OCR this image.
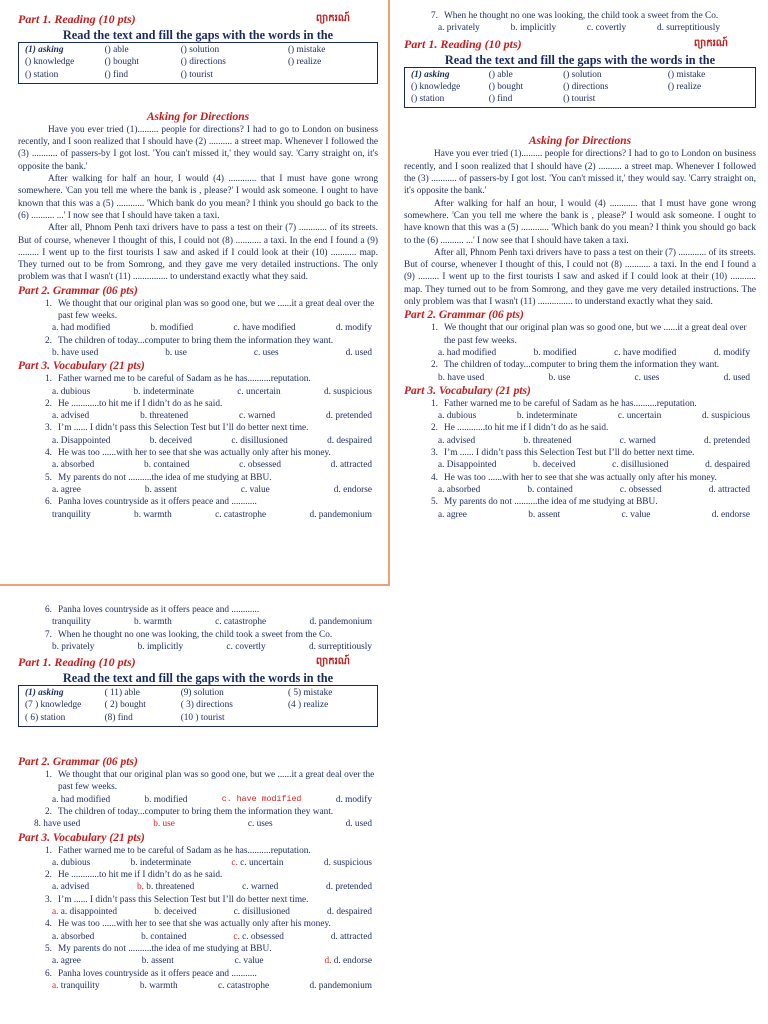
Part 1. Reading (10 pts)	ព្យាករណ៍
Read the text and fill the gaps with the words in the
(1) asking	() able	() solution	() mistake
() knowledge	() bought	() directions	() realize
() station	() find	() tourist
Asking for Directions

Have you ever tried (1)......... people for directions? I had to go to London on business recently, and I soon realized that I should have (2) .......... a street map. Whenever I followed the (3) ........... of passers-by I got lost. 'You can't missed it,' they would say. 'Carry straight on, it's opposite the bank.'

After walking for half an hour, I would (4) ............ that I must have gone wrong somewhere. 'Can you tell me where the bank is , please?' I would ask someone. I ought to have known that this was a (5) ............ 'Which bank do you mean? I think you should go back to the (6) .......... ...' I now see that I should have taken a taxi.

After all, Phnom Penh taxi drivers have to pass a test on their (7) ............ of its streets. But of course, whenever I thought of this, I could not (8) ........... a taxi. In the end I found a (9) ......... I went up to the first tourists I saw and asked if I could look at their (10) ........... map. They turned out to be from Somrong, and they gave me very detailed instructions. The only problem was that I wasn't (11) ............... to understand exactly what they said.

Part 2. Grammar (06 pts)
1. We thought that our original plan was so good one, but we ......it a great deal over the past few weeks.
a. had modified	b. modified	c. have modified	d. modify
2. The children of today...computer to bring them the information they want.
b. have used	b. use	c. uses	d. used
Part 3. Vocabulary (21 pts)
1. Father warned me to be careful of Sadam as he has..........reputation.
a. dubious	b. indeterminate	c. uncertain	d. suspicious
2. He ............to hit me if I didn’t do as he said.
a. advised	b. threatened	c. warned	d. pretended
3. I’m ...... I didn’t pass this Selection Test but I’ll do better next time.
a. Disappointed	b. deceived	c. disillusioned	d. despaired
4. He was too ......with her to see that she was actually only after his money.
a. absorbed	b. contained	c. obsessed	d. attracted
5. My parents do not ..........the idea of me studying at BBU.
a. agree	b. assent	c. value	d. endorse
6. Panha loves countryside as it offers peace and ...........
tranquility	b. warmth	c. catastrophe	d. pandemonium
7. When he thought no one was looking, the child took a sweet from the Co.
a. privately	b. implicitly	c. covertly	d. surreptitiously
Part 1. Reading (10 pts)	ព្យាករណ៍
Read the text and fill the gaps with the words in the
(1) asking	() able	() solution	() mistake
() knowledge	() bought	() directions	() realize
() station	() find	() tourist
Asking for Directions

Have you ever tried (1)......... people for directions? I had to go to London on business recently, and I soon realized that I should have (2) .......... a street map. Whenever I followed the (3) ........... of passers-by I got lost. 'You can't missed it,' they would say. 'Carry straight on, it's opposite the bank.'

After walking for half an hour, I would (4) ............ that I must have gone wrong somewhere. 'Can you tell me where the bank is , please?' I would ask someone. I ought to have known that this was a (5) ............ 'Which bank do you mean? I think you should go back to the (6) .......... ...' I now see that I should have taken a taxi.

After all, Phnom Penh taxi drivers have to pass a test on their (7) ............ of its streets. But of course, whenever I thought of this, I could not (8) ........... a taxi. In the end I found a (9) ......... I went up to the first tourists I saw and asked if I could look at their (10) ........... map. They turned out to be from Somrong, and they gave me very detailed instructions. The only problem was that I wasn't (11) ............... to understand exactly what they said.

Part 2. Grammar (06 pts)
1. We thought that our original plan was so good one, but we ......it a great deal over the past few weeks.
a. had modified	b. modified	c. have modified	d. modify
2. The children of today...computer to bring them the information they want.
b. have used	b. use	c. uses	d. used
Part 3. Vocabulary (21 pts)
1. Father warned me to be careful of Sadam as he has..........reputation.
a. dubious	b. indeterminate	c. uncertain	d. suspicious
2. He ............to hit me if I didn’t do as he said.
a. advised	b. threatened	c. warned	d. pretended
3. I’m ...... I didn’t pass this Selection Test but I’ll do better next time.
a. Disappointed	b. deceived	c. disillusioned	d. despaired
4. He was too ......with her to see that she was actually only after his money.
a. absorbed	b. contained	c. obsessed	d. attracted
5. My parents do not ..........the idea of me studying at BBU.
a. agree	b. assent	c. value	d. endorse
6. Panha loves countryside as it offers peace and ............
tranquility	b. warmth	c. catastrophe	d. pandemonium
7. When he thought no one was looking, the child took a sweet from the Co.
b. privately	b. implicitly	c. covertly	d. surreptitiously
Part 1. Reading (10 pts)	ព្យាករណ៍
Read the text and fill the gaps with the words in the
(1) asking	( 11) able	(9) solution	( 5) mistake
(7 ) knowledge	( 2) bought	( 3) directions	(4 ) realize
( 6) station	(8) find	(10 ) tourist
Part 2. Grammar (06 pts)
1. We thought that our original plan was so good one, but we ......it a great deal over the past few weeks.
a. had modified	b. modified	c. have modified	d. modify
2. The children of today...computer to bring them the information they want.
8. have used	b. use	c. uses	d. used
Part 3. Vocabulary (21 pts)
1. Father warned me to be careful of Sadam as he has..........reputation.
a. dubious	b. indeterminate	c. c. uncertain	d. suspicious
2. He ............to hit me if I didn’t do as he said.
a. advised	b. b. threatened	c. warned	d. pretended
3. I’m ...... I didn’t pass this Selection Test but I’ll do better next time.
a. a. disappointed	b. deceived	c. disillusioned	d. despaired
4. He was too ......with her to see that she was actually only after his money.
a. absorbed	b. contained	c. c. obsessed	d. attracted
5. My parents do not ..........the idea of me studying at BBU.
a. agree	b. assent	c. value	d. d. endorse
6. Panha loves countryside as it offers peace and ...........
a. tranquility	b. warmth	c. catastrophe	d. pandemonium
